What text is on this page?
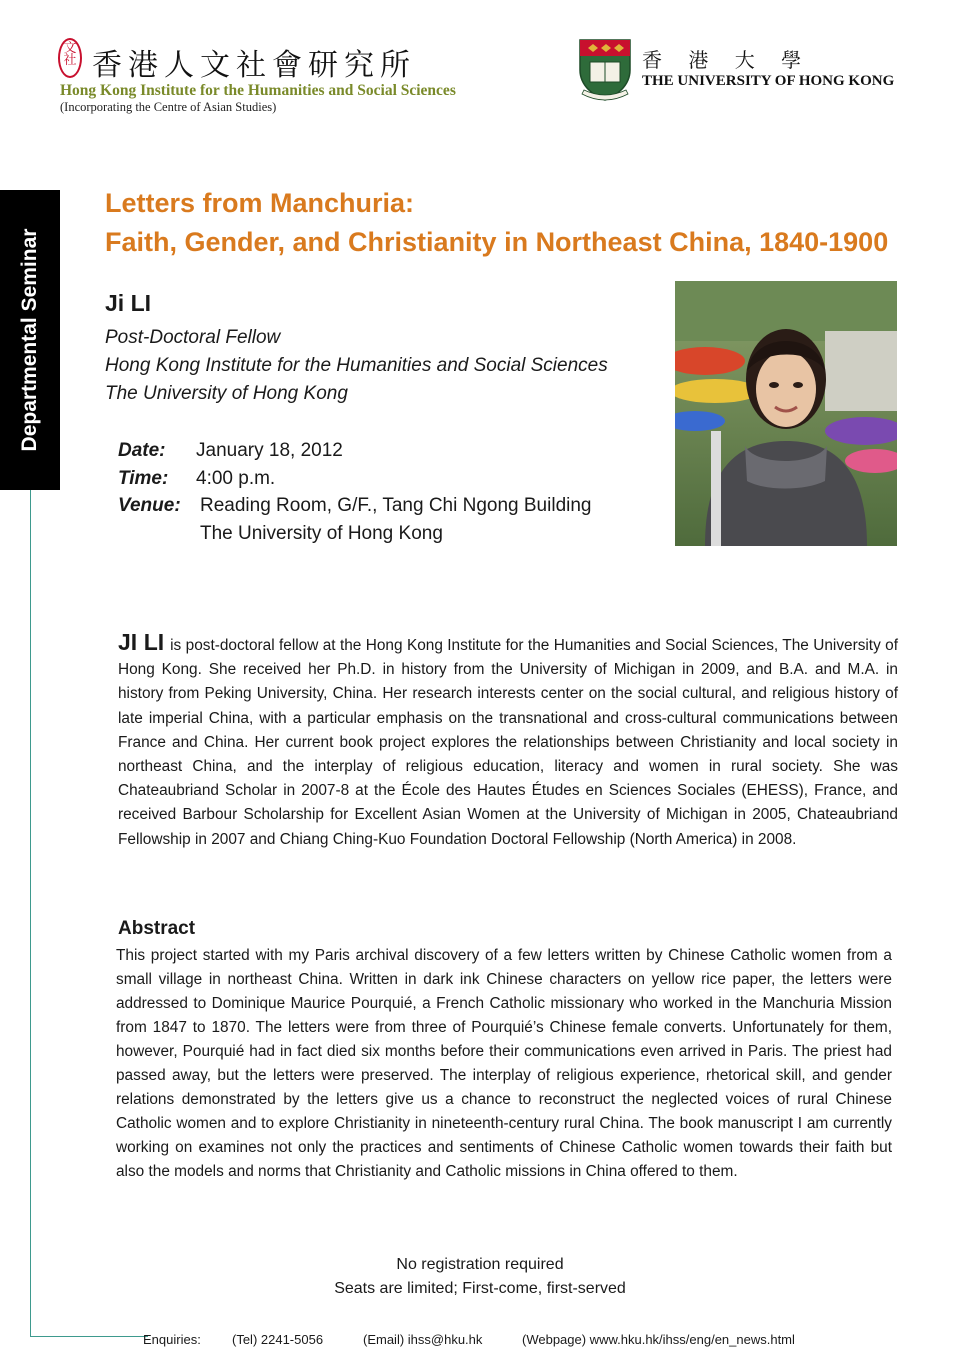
文社 香港人文社會研究所
Hong Kong Institute for the Humanities and Social Sciences
(Incorporating the Centre of Asian Studies)
香 港 大 學
THE UNIVERSITY OF HONG KONG
Departmental Seminar
Letters from Manchuria:
Faith, Gender, and Christianity in Northeast China, 1840-1900
Ji LI
Post-Doctoral Fellow
Hong Kong Institute for the Humanities and Social Sciences
The University of Hong Kong
Date:	January 18, 2012
Time:	4:00 p.m.
Venue:	Reading Room, G/F., Tang Chi Ngong Building
The University of Hong Kong
JI LI is post-doctoral fellow at the Hong Kong Institute for the Humanities and Social Sciences, The University of Hong Kong. She received her Ph.D. in history from the University of Michigan in 2009, and B.A. and M.A. in history from Peking University, China. Her research interests center on the social cultural, and religious history of late imperial China, with a particular emphasis on the transnational and cross-cultural communications between France and China. Her current book project explores the relationships between Christianity and local society in northeast China, and the interplay of religious education, literacy and women in rural society. She was Chateaubriand Scholar in 2007-8 at the École des Hautes Études en Sciences Sociales (EHESS), France, and received Barbour Scholarship for Excellent Asian Women at the University of Michigan in 2005, Chateaubriand Fellowship in 2007 and Chiang Ching-Kuo Foundation Doctoral Fellowship (North America) in 2008.
Abstract
This project started with my Paris archival discovery of a few letters written by Chinese Catholic women from a small village in northeast China. Written in dark ink Chinese characters on yellow rice paper, the letters were addressed to Dominique Maurice Pourquié, a French Catholic missionary who worked in the Manchuria Mission from 1847 to 1870. The letters were from three of Pourquié’s Chinese female converts. Unfortunately for them, however, Pourquié had in fact died six months before their communications even arrived in Paris. The priest had passed away, but the letters were preserved. The interplay of religious experience, rhetorical skill, and gender relations demonstrated by the letters give us a chance to reconstruct the neglected voices of rural Chinese Catholic women and to explore Christianity in nineteenth-century rural China. The book manuscript I am currently working on examines not only the practices and sentiments of Chinese Catholic women towards their faith but also the models and norms that Christianity and Catholic missions in China offered to them.
No registration required
Seats are limited; First-come, first-served
Enquiries: (Tel) 2241-5056	(Email) ihss@hku.hk	(Webpage) www.hku.hk/ihss/eng/en_news.html
